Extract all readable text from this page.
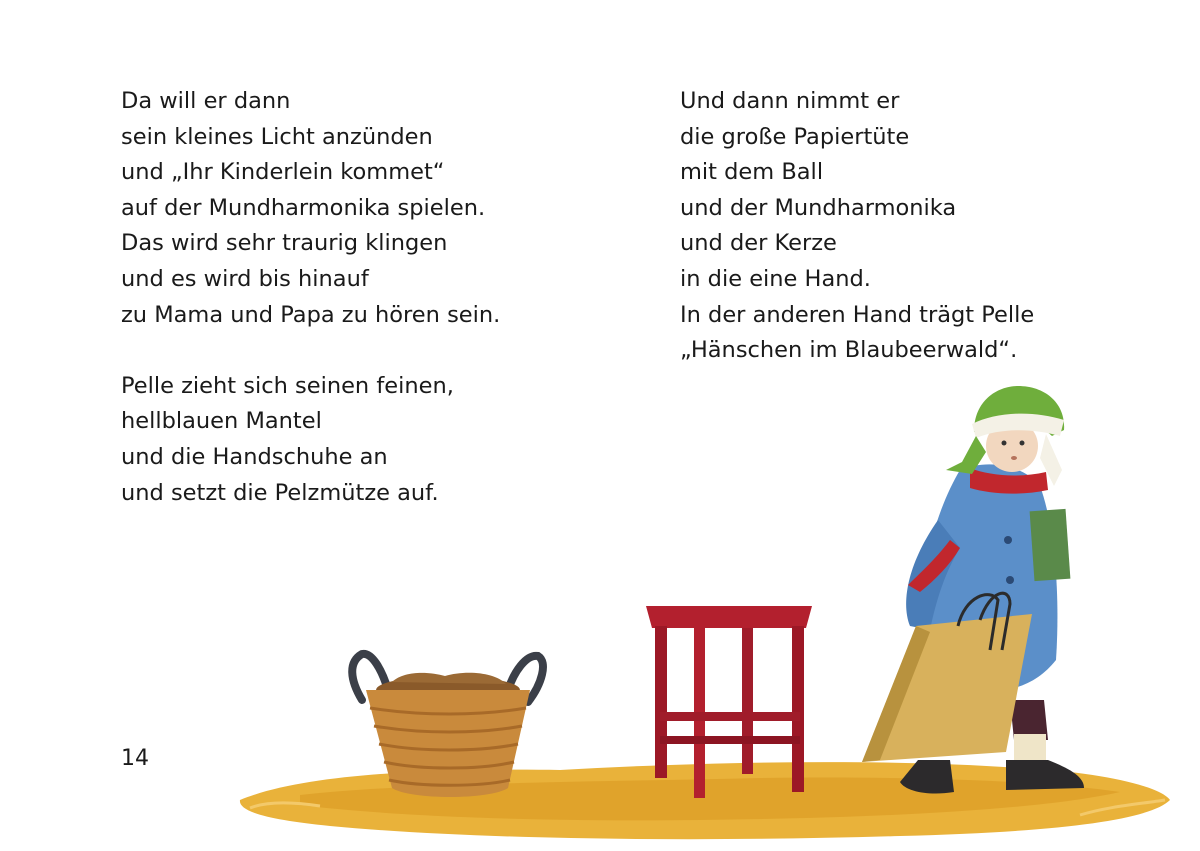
Da will er dann
sein kleines Licht anzünden
und „Ihr Kinderlein kommet“
auf der Mundharmonika spielen.
Das wird sehr traurig klingen
und es wird bis hinauf
zu Mama und Papa zu hören sein.
Pelle zieht sich seinen feinen,
hellblauen Mantel
und die Handschuhe an
und setzt die Pelzmütze auf.
Und dann nimmt er
die große Papiertüte
mit dem Ball
und der Mundharmonika
und der Kerze
in die eine Hand.
In der anderen Hand trägt Pelle
„Hänschen im Blaubeerwald“.
14
